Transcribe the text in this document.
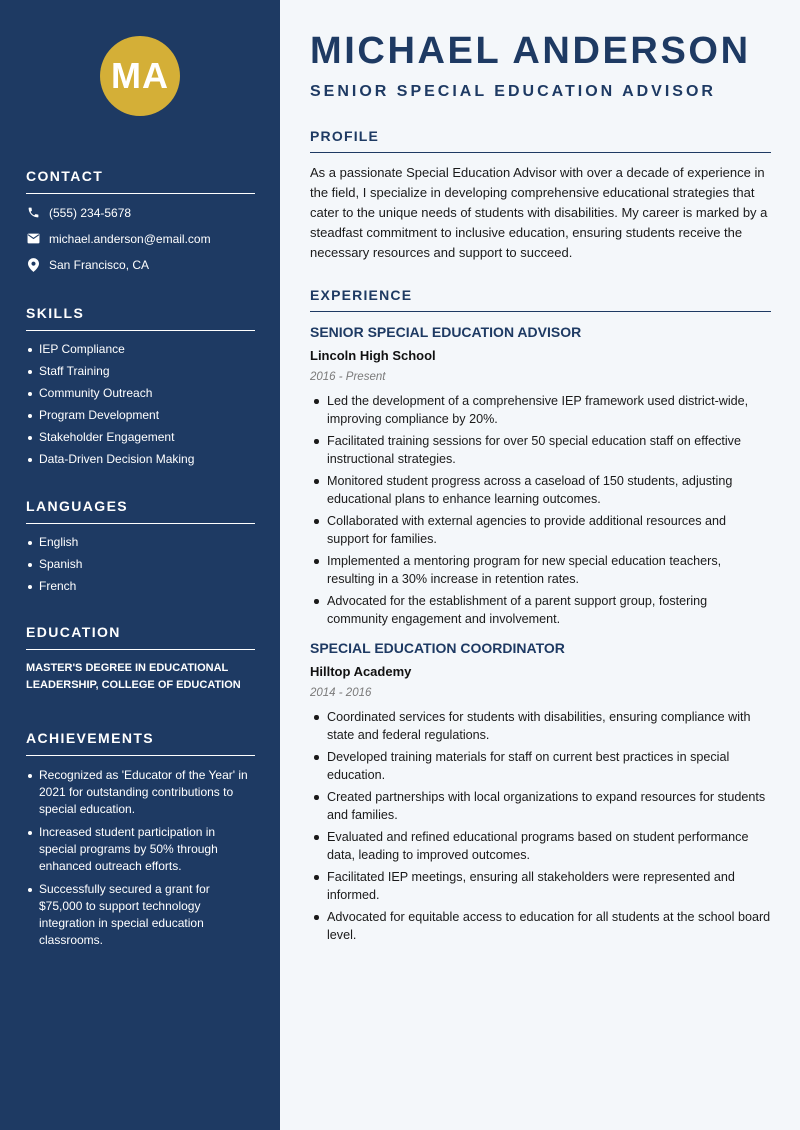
MA
CONTACT
(555) 234-5678
michael.anderson@email.com
San Francisco, CA
SKILLS
IEP Compliance
Staff Training
Community Outreach
Program Development
Stakeholder Engagement
Data-Driven Decision Making
LANGUAGES
English
Spanish
French
EDUCATION
MASTER'S DEGREE IN EDUCATIONAL LEADERSHIP, COLLEGE OF EDUCATION
ACHIEVEMENTS
Recognized as 'Educator of the Year' in 2021 for outstanding contributions to special education.
Increased student participation in special programs by 50% through enhanced outreach efforts.
Successfully secured a grant for $75,000 to support technology integration in special education classrooms.
MICHAEL ANDERSON
SENIOR SPECIAL EDUCATION ADVISOR
PROFILE

As a passionate Special Education Advisor with over a decade of experience in the field, I specialize in developing comprehensive educational strategies that cater to the unique needs of students with disabilities. My career is marked by a steadfast commitment to inclusive education, ensuring students receive the necessary resources and support to succeed.

EXPERIENCE
SENIOR SPECIAL EDUCATION ADVISOR
Lincoln High School
2016 - Present
Led the development of a comprehensive IEP framework used district-wide, improving compliance by 20%.
Facilitated training sessions for over 50 special education staff on effective instructional strategies.
Monitored student progress across a caseload of 150 students, adjusting educational plans to enhance learning outcomes.
Collaborated with external agencies to provide additional resources and support for families.
Implemented a mentoring program for new special education teachers, resulting in a 30% increase in retention rates.
Advocated for the establishment of a parent support group, fostering community engagement and involvement.
SPECIAL EDUCATION COORDINATOR
Hilltop Academy
2014 - 2016
Coordinated services for students with disabilities, ensuring compliance with state and federal regulations.
Developed training materials for staff on current best practices in special education.
Created partnerships with local organizations to expand resources for students and families.
Evaluated and refined educational programs based on student performance data, leading to improved outcomes.
Facilitated IEP meetings, ensuring all stakeholders were represented and informed.
Advocated for equitable access to education for all students at the school board level.
